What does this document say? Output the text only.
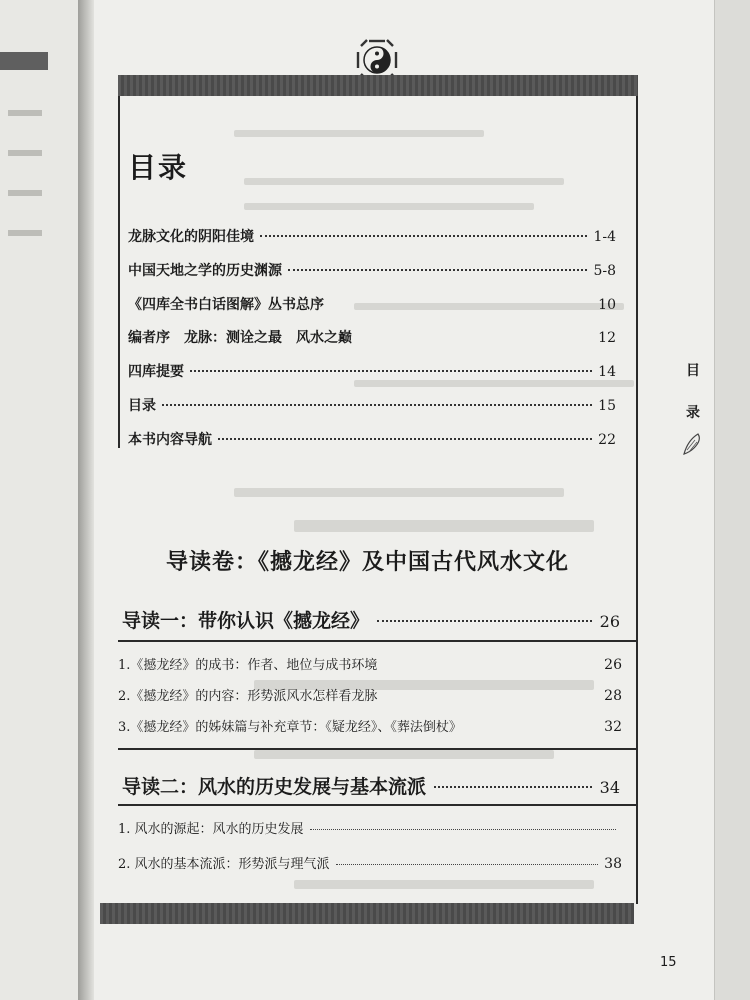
目录
龙脉文化的阴阳佳境	1-4
中国天地之学的历史渊源	5-8
《四库全书白话图解》丛书总序	10
编者序　龙脉：测诠之最　风水之巅	12
四库提要	14
目录	15
本书内容导航	22
导读卷：《撼龙经》及中国古代风水文化
导读一：带你认识《撼龙经》	26
1.《撼龙经》的成书：作者、地位与成书环境	26
2.《撼龙经》的内容：形势派风水怎样看龙脉	28
3.《撼龙经》的姊妹篇与补充章节：《疑龙经》、《葬法倒杖》	32
导读二：风水的历史发展与基本流派	34
1. 风水的源起：风水的历史发展
2. 风水的基本流派：形势派与理气派	38
目
录
15
